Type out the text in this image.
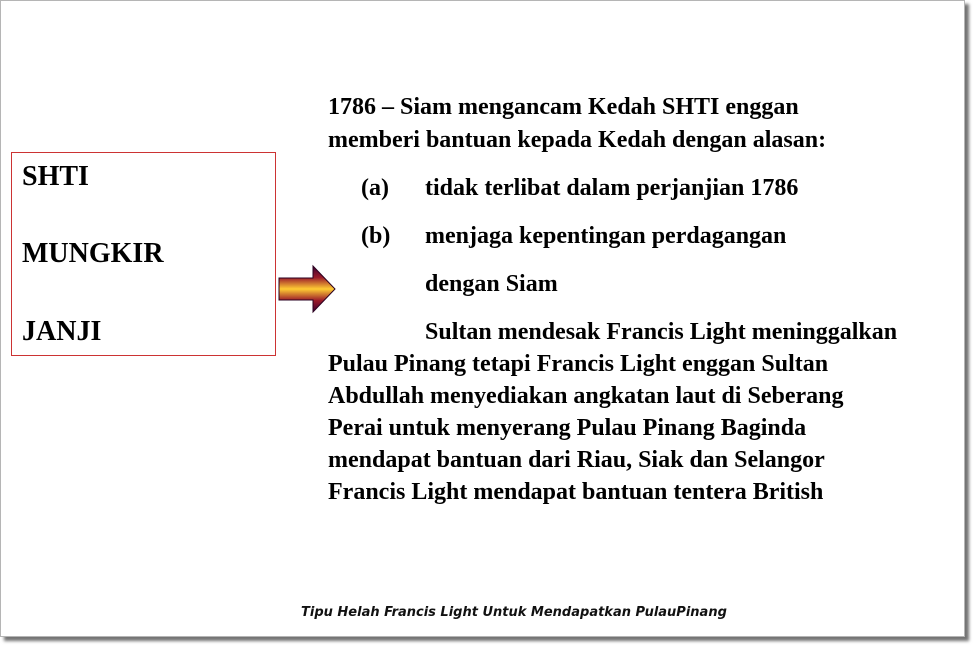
SHTI
MUNGKIR
JANJI
1786 – Siam mengancam Kedah SHTI enggan
memberi bantuan kepada Kedah dengan alasan:
(a) tidak terlibat dalam perjanjian 1786
(b) menjaga kepentingan perdagangan
dengan Siam
Sultan mendesak Francis Light meninggalkan
Pulau Pinang tetapi Francis Light enggan Sultan
Abdullah menyediakan angkatan laut di Seberang
Perai untuk menyerang Pulau Pinang Baginda
mendapat bantuan dari Riau, Siak dan Selangor
Francis Light mendapat bantuan tentera British
Tipu Helah Francis Light Untuk Mendapatkan PulauPinang
